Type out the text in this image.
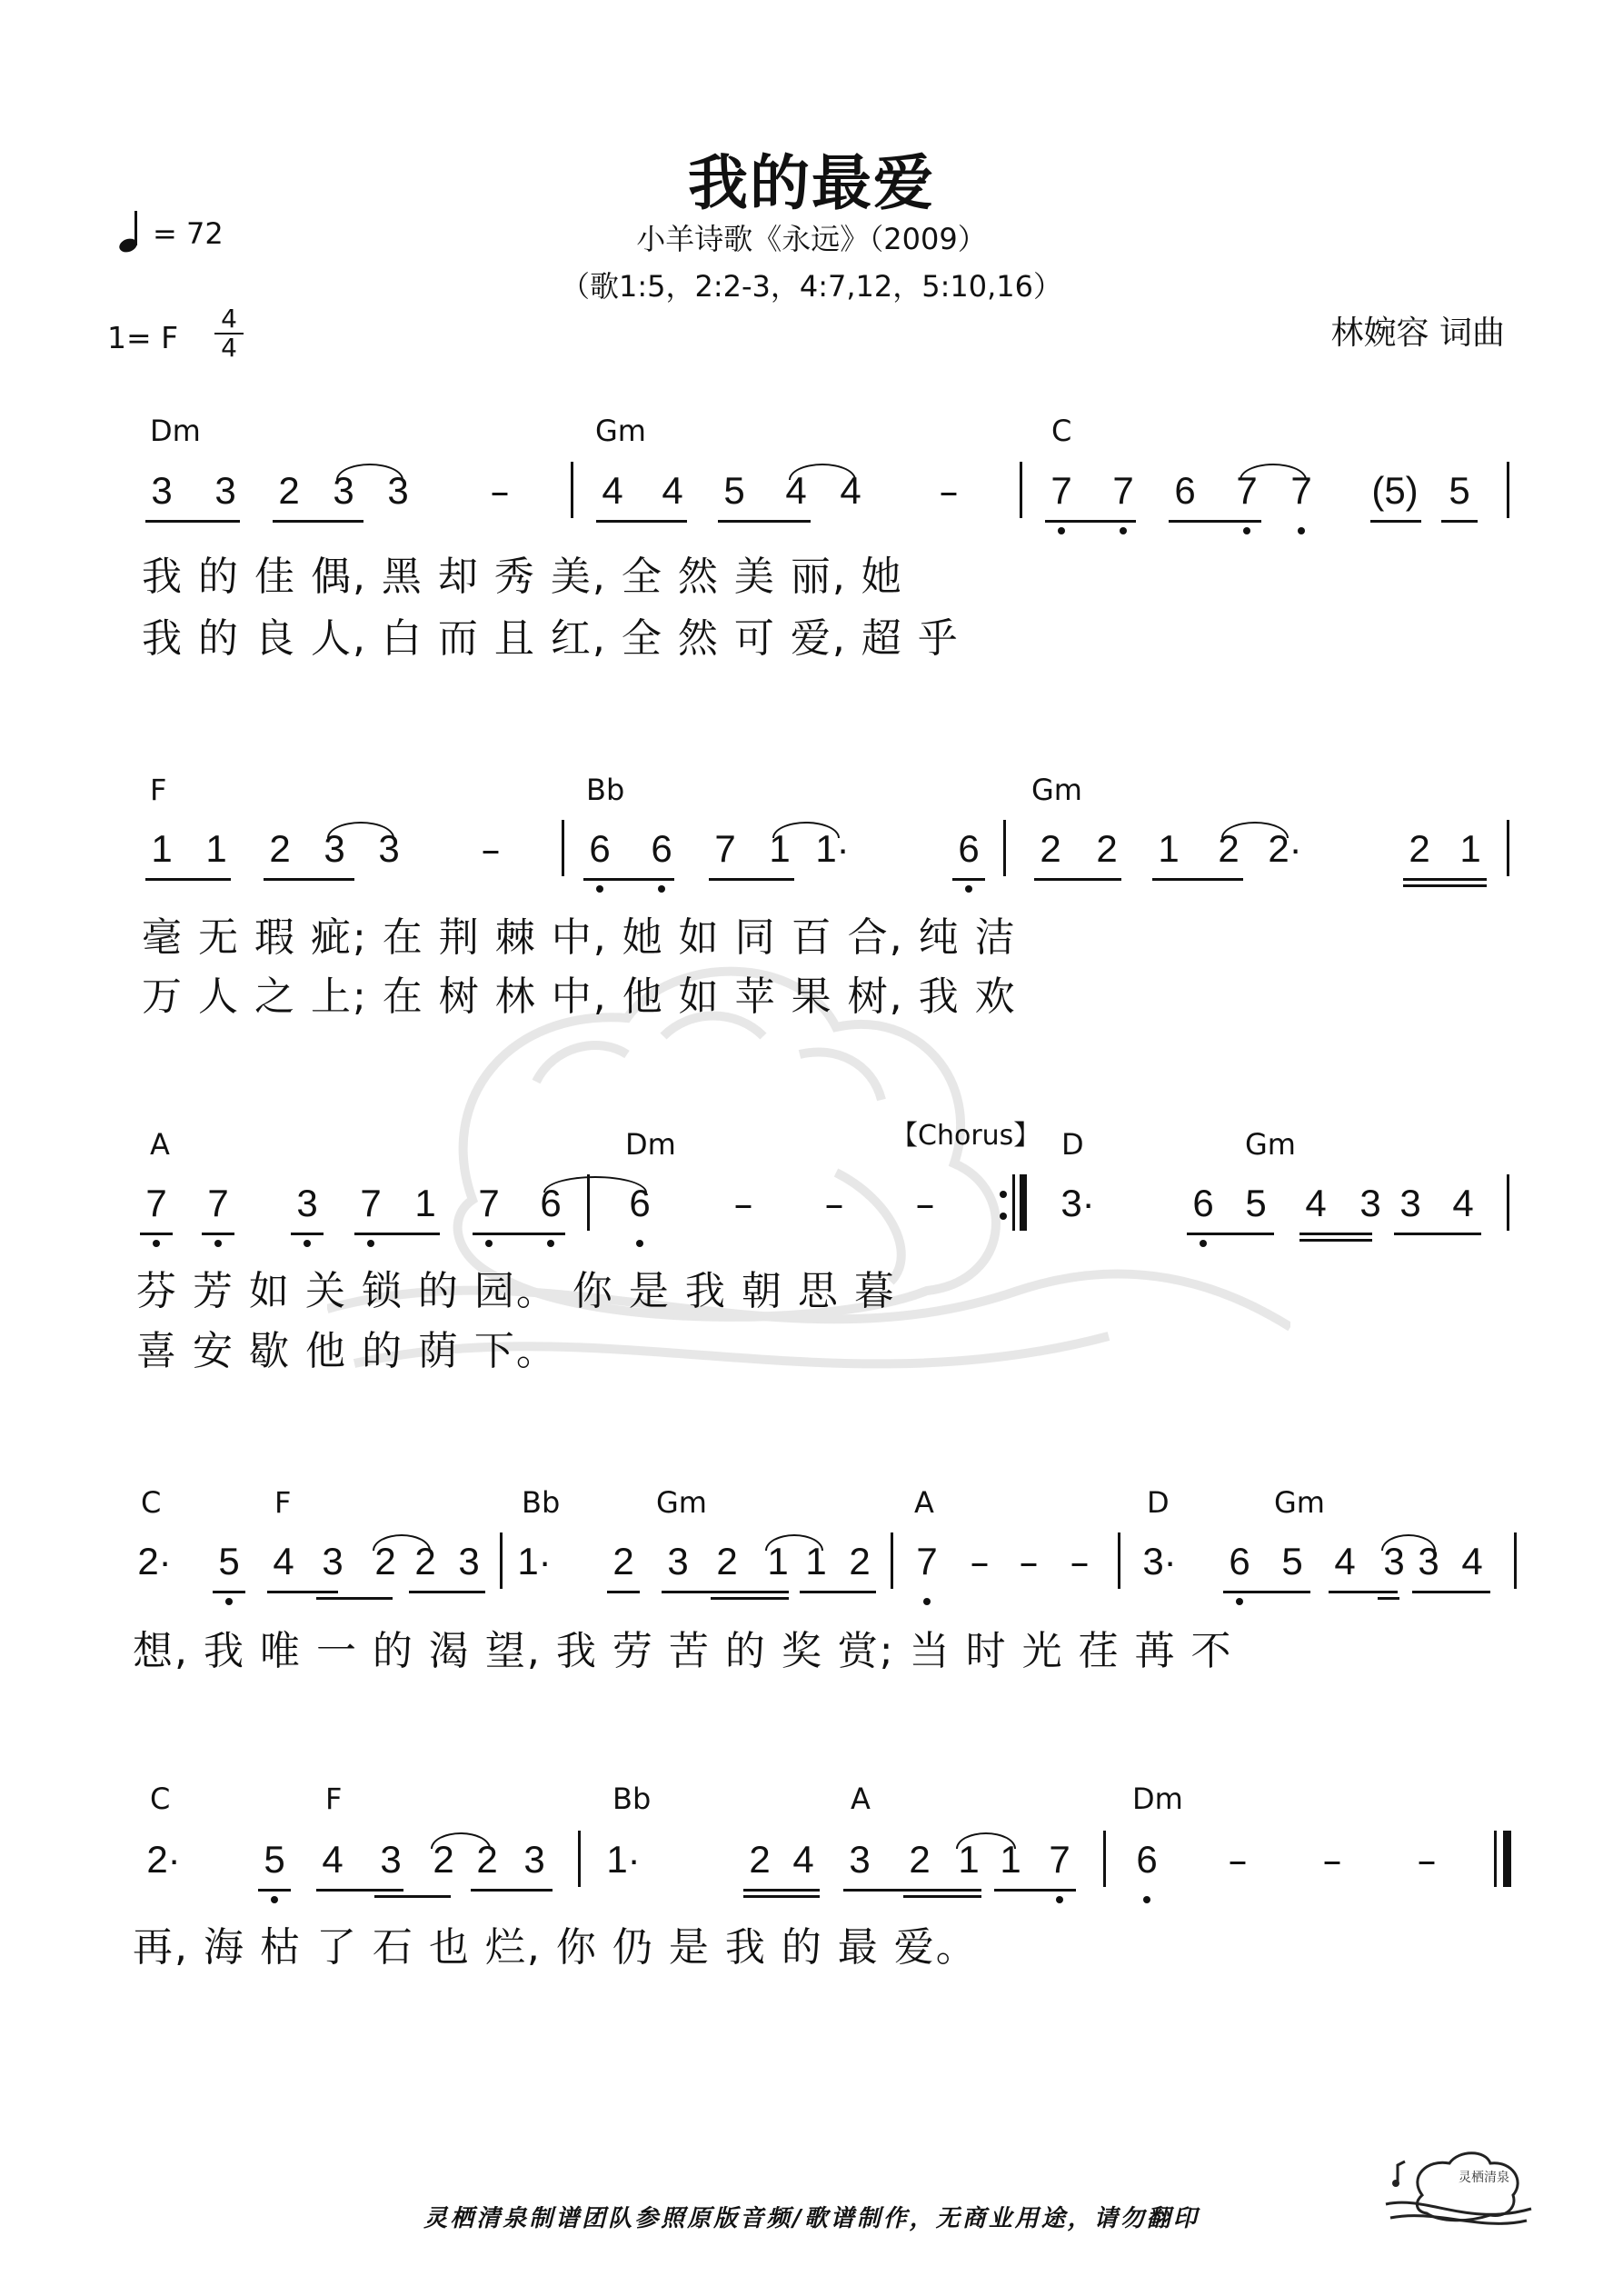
我的最爱
小羊诗歌《永远》（2009）
（歌1:5，2:2-3，4:7,12，5:10,16）
林婉容 词曲
= 72
1= F
4
4
Dm	Gm	C
3 3 2 3 3 – 4 4 5 4 4 – 7 7 6 7 7 (5) 5
我 的 佳 偶, 黑 却 秀 美, 全 然 美 丽, 她
我 的 良 人, 白 而 且 红, 全 然 可 爱, 超 乎
F	Bb	Gm
1 1 2 3 3 – 6 6 7 1 1·	6 2 2 1 2 2·	2 1
毫 无 瑕 疵; 在 荆 棘 中, 她 如 同 百 合, 纯 洁
万 人 之 上; 在 树 林 中, 他 如 苹 果 树, 我 欢
A	Dm	【Chorus】 D	Gm
7 7 3 7 1 7 6 6 – – –	3·	6 5 4 3 3 4
芬 芳 如 关 锁 的 园。 你 是 我 朝 思 暮
喜 安 歇 他 的 荫 下。
C	F	Bb	Gm	A	D	Gm
2· 5 4 3 2 2 3 1· 2 3 2 1 1 2 7 – – – 3· 6 5 4 3 3 4
想, 我 唯 一 的 渴 望, 我 劳 苦 的 奖 赏; 当 时 光 荏 苒 不
C	F	Bb	A	Dm
2· 5 4 3 2 2 3 1·	2 4 3 2 1 1 7 6 – – –
再, 海 枯 了 石 也 烂, 你 仍 是 我 的 最 爱。
灵栖清泉制谱团队参照原版音频/歌谱制作，无商业用途，请勿翻印
灵栖清泉
